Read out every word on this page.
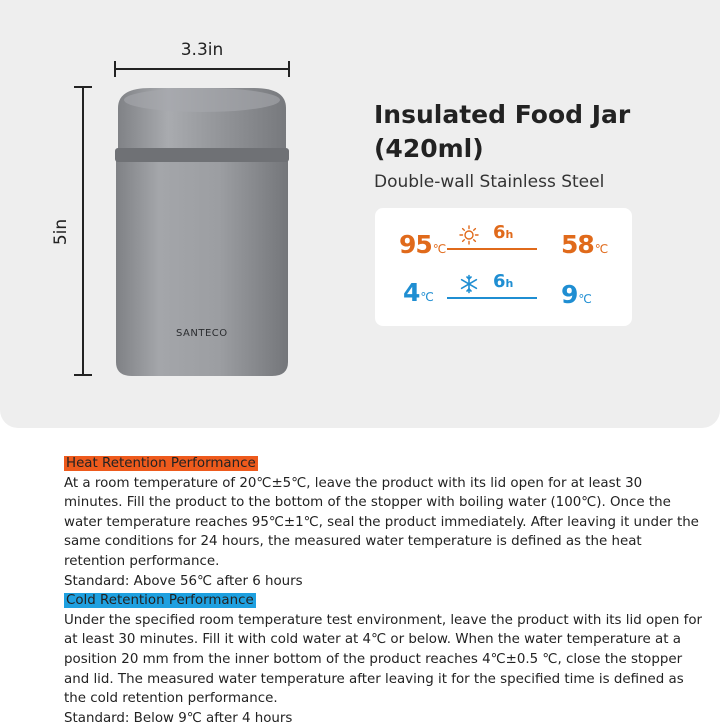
3.3in
5in
SANTECO
Insulated Food Jar
(420ml)
Double-wall Stainless Steel
95℃
6h 58℃
4℃
6h 9℃

Heat Retention Performance

At a room temperature of 20℃±5℃, leave the product with its lid open for at least 30 minutes. Fill the product to the bottom of the stopper with boiling water (100℃). Once the water temperature reaches 95℃±1℃, seal the product immediately. After leaving it under the same conditions for 24 hours, the measured water temperature is defined as the heat retention performance.

Standard: Above 56℃ after 6 hours

Cold Retention Performance

Under the specified room temperature test environment, leave the product with its lid open for at least 30 minutes. Fill it with cold water at 4℃ or below. When the water temperature at a position 20 mm from the inner bottom of the product reaches 4℃±0.5 ℃, close the stopper and lid. The measured water temperature after leaving it for the specified time is defined as the cold retention performance.

Standard: Below 9℃ after 4 hours
